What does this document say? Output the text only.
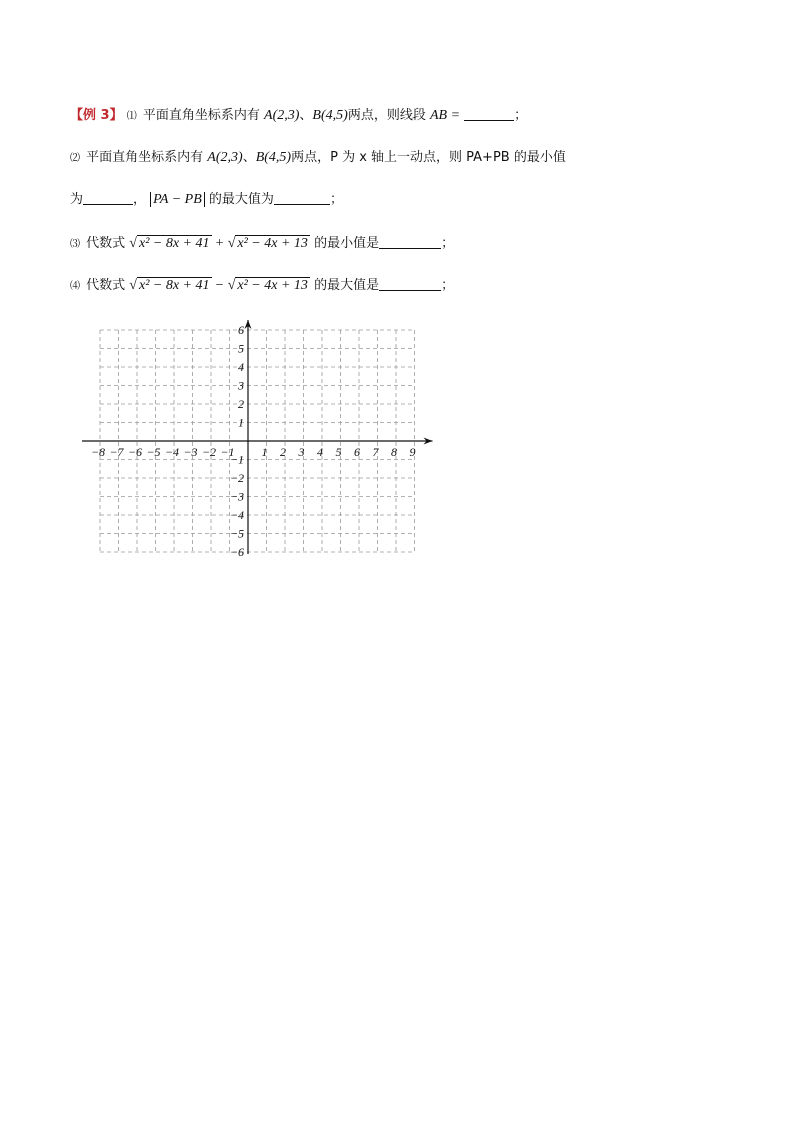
【例 3】 ⑴ 平面直角坐标系内有 A(2,3)、B(4,5)两点，则线段 AB =	；
⑵ 平面直角坐标系内有 A(2,3)、B(4,5)两点，P 为 x 轴上一动点，则 PA+PB 的最小值
为	， PA − PB 的最大值为	；
⑶ 代数式 √ x² − 8x + 41 + √ x² − 4x + 13 的最小值是	；
⑷ 代数式 √ x² − 8x + 41 − √ x² − 4x + 13 的最大值是	；
−8 −7 −6 −5 −4 −3 −2 −1 1 2 3 4 5 6 7 8 9
6
5
4
3
2
1
−1
−2
−3
−4
−5
−6
